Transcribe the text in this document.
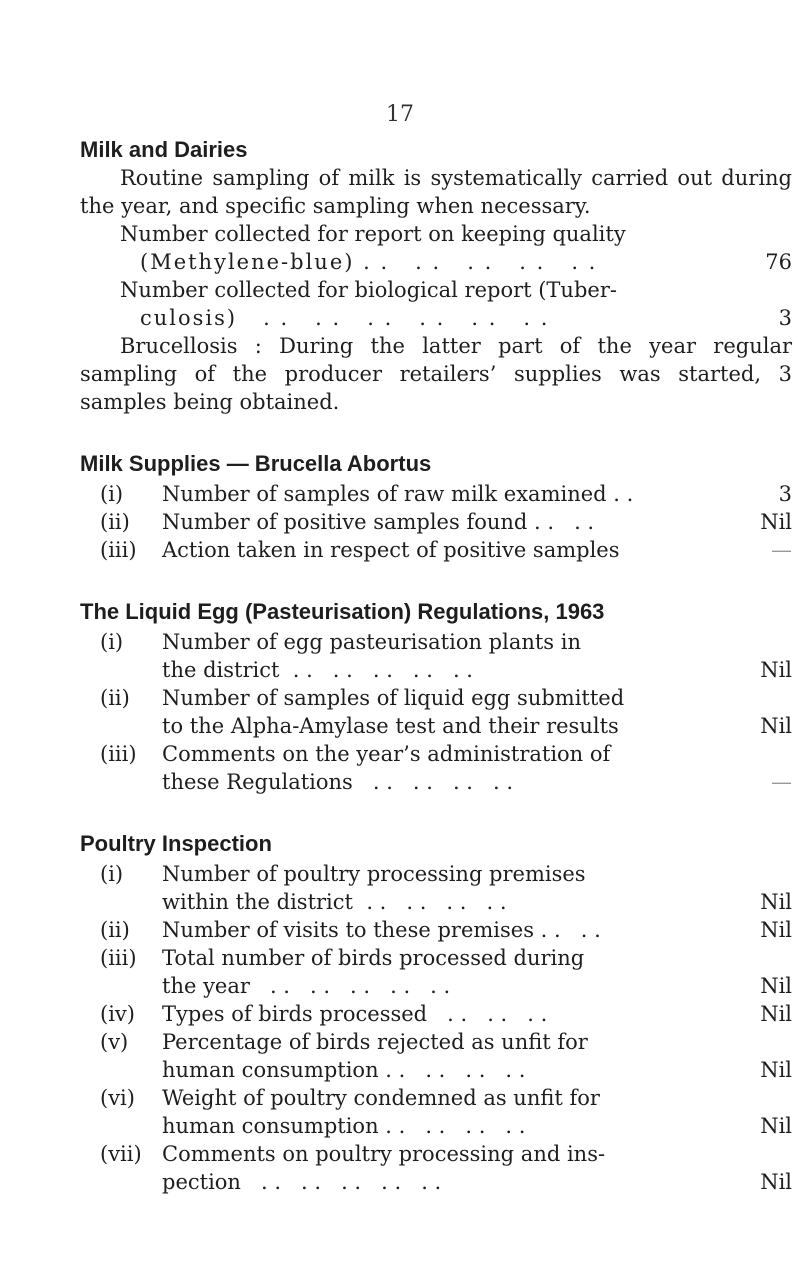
17
Milk and Dairies

Routine sampling of milk is systematically carried out during the year, and specific sampling when necessary.

Number collected for report on keeping quality
(Methylene-blue) . .   . .   . .   . .   . .	76
Number collected for biological report (Tuber-
culosis)   . .   . .   . .   . .   . .   . .	3

Brucellosis : During the latter part of the year regular sampling of the producer retailers’ supplies was started, 3 samples being obtained.

Milk Supplies — Brucella Abortus
(i)	Number of samples of raw milk examined . .	3
(ii)	Number of positive samples found . .   . .	Nil
(iii)	Action taken in respect of positive samples	—
The Liquid Egg (Pasteurisation) Regulations, 1963
(i)	Number of egg pasteurisation plants in
the district  . .   . .   . .   . .   . .	Nil
(ii)	Number of samples of liquid egg submitted
to the Alpha-Amylase test and their results	Nil
(iii)	Comments on the year’s administration of
these Regulations   . .   . .   . .   . .	—
Poultry Inspection
(i)	Number of poultry processing premises
within the district  . .   . .   . .   . .	Nil
(ii)	Number of visits to these premises . .   . .	Nil
(iii)	Total number of birds processed during
the year   . .   . .   . .   . .   . .	Nil
(iv)	Types of birds processed   . .   . .   . .	Nil
(v)	Percentage of birds rejected as unfit for
human consumption . .   . .   . .   . .	Nil
(vi)	Weight of poultry condemned as unfit for
human consumption . .   . .   . .   . .	Nil
(vii) Comments on poultry processing and ins-
pection   . .   . .   . .   . .   . .	Nil
